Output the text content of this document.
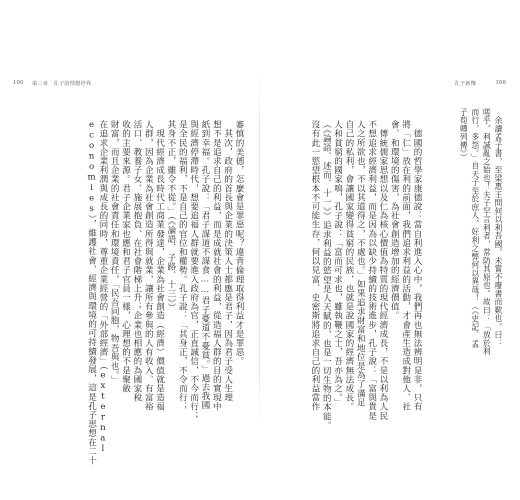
100 第三章　孔子的理想世界
審慎的美德，怎麼會是罪惡呢？違背倫理取得利益才是罪惡。
　其次，政府的首長與企業的決策人士都應是君子，因為君子受人生理
想不是追求自己的利益，而是成就社會的利益，從造福人群的目的實現中
紙到幸福。孔子說：「君子謀道不謀食……君子憂道不憂貧。」過去我國
與經濟停滯時代，想要追福人群就要進入政府為官，正直誠信，不今而行；
是全民的福利，不是自己的官位和權勢。孔子說：「其身正，不令而行；
其身不正，雖令不從。」（《論語．子路．十三》）
　現代經濟成長時代工商業發達，企業為社會創造（經濟）價值就是造福
人群，因為企業為社會創造所得與就業，讓所有參與的人有收入、有富裕
活口、教養子女、施展抱負、在社會階梯上升；企業也相應的為國家稅
收的主要來源。君子企業家也應和君子官員一樣，心理想的不是聚斂
財富，而且企業的社會責任和環境責任，「民吾同胞，物吾與也。」
在追求企業利潤與成長的同時，尊重企業經營的「外部經濟」（external
economies），維護社會、經濟與環境的可持續發展，這是孔子思想在二十
孔子新傳	100
　余讀孟子書，至梁惠王問何以利吾國，未嘗不廢書而歎也。曰：
嗟乎，利誠亂之始也！夫子罕言利者，常防其原也。故曰：「放於利
而行，多怨。」自天子至於庶人，好利之弊何以異哉！（《史記．孟
子荀卿列傳》）
　德國的哲學家康德說：當自利進入心中，我們再也無法辨明是非，只有
將「仁」放在利的前面，我們追求利益的活動，才會產生造成對他人、社
會、和環境的傷害，為社會創造增加的經濟價值。
　傳統儒家思想以及仁為核心價值為特質的現代經濟成長，不是以利為人民
不想追求經濟利益，而是因為以缺少持續的技術進步，孔子說：「富與貴是
人之所欲也，不以其道得之，不處也。」如果追求財富和地位是為了滿足
自己的私利，會讓國家變得貧窮的民族，也就是說國家的經濟無法成長。
人和貧窮的國家鳴，孔子說：「富而可求也，雖執鞭之士，吾亦為之。」
（《論語．述而．十一》）追求利益的慾望是人天賦的，也是一切生物的本能。
沒有此一慾望根本不可能生存，何以見富．史密斯將追求自己的利益當作
